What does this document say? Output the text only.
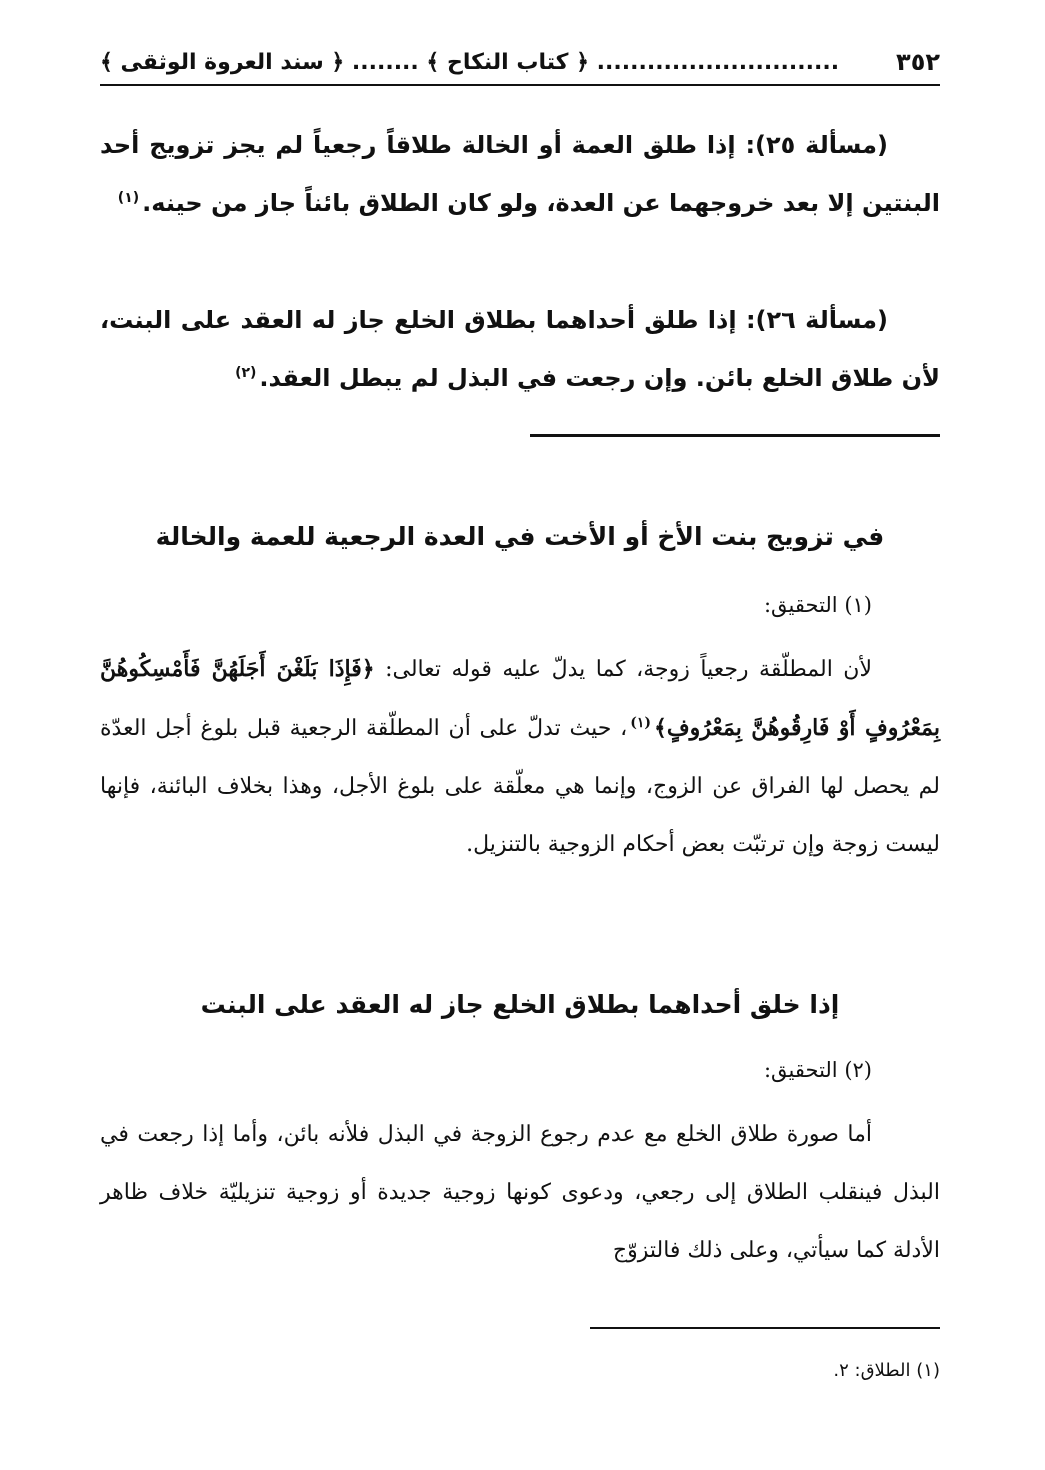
٣٥٢
............................. ﴿ كتاب النكاح ﴾ ........ ﴿ سند العروة الوثقى ﴾

(مسألة ٢٥): إذا طلق العمة أو الخالة طلاقاً رجعياً لم يجز تزويج أحد البنتين إلا بعد خروجهما عن العدة، ولو كان الطلاق بائناً جاز من حينه.$^{(١)}$

(مسألة ٢٦): إذا طلق أحداهما بطلاق الخلع جاز له العقد على البنت، لأن طلاق الخلع بائن. وإن رجعت في البذل لم يبطل العقد.$^{(٢)}$

في تزويج بنت الأخ أو الأخت في العدة الرجعية للعمة والخالة

(١) التحقيق:

لأن المطلّقة رجعياً زوجة، كما يدلّ عليه قوله تعالى: ﴿فَإِذَا بَلَغْنَ أَجَلَهُنَّ فَأَمْسِكُوهُنَّ بِمَعْرُوفٍ أَوْ فَارِقُوهُنَّ بِمَعْرُوفٍ﴾$^{(١)}$، حيث تدلّ على أن المطلّقة الرجعية قبل بلوغ أجل العدّة لم يحصل لها الفراق عن الزوج، وإنما هي معلّقة على بلوغ الأجل، وهذا بخلاف البائنة، فإنها ليست زوجة وإن ترتبّت بعض أحكام الزوجية بالتنزيل.

إذا خلق أحداهما بطلاق الخلع جاز له العقد على البنت

(٢) التحقيق:

أما صورة طلاق الخلع مع عدم رجوع الزوجة في البذل فلأنه بائن، وأما إذا رجعت في البذل فينقلب الطلاق إلى رجعي، ودعوى كونها زوجية جديدة أو زوجية تنزيليّة خلاف ظاهر الأدلة كما سيأتي، وعلى ذلك فالتزوّج

(١) الطلاق: ٢.
